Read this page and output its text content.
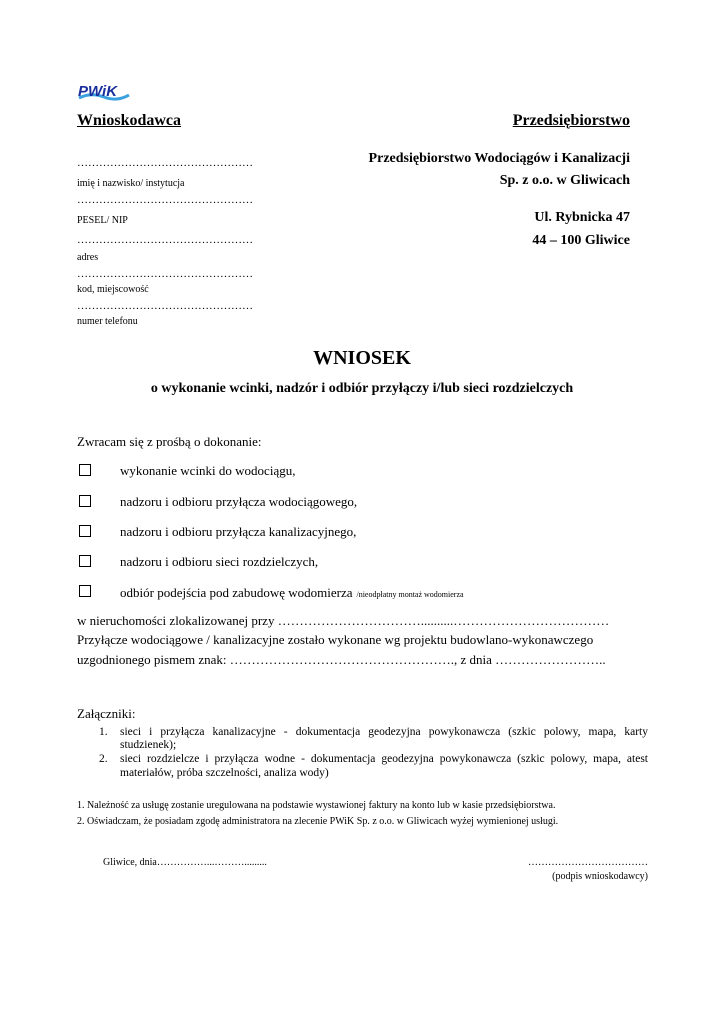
PWiK
Wnioskodawca	Przedsiębiorstwo
…………………………………………
imię i nazwisko/ instytucja
…………………………………………
PESEL/ NIP
…………………………………………
adres
…………………………………………
kod, miejscowość
…………………………………………
numer telefonu
Przedsiębiorstwo Wodociągów i Kanalizacji
Sp. z o.o. w Gliwicach
Ul. Rybnicka 47
44 – 100 Gliwice
WNIOSEK
o wykonanie wcinki, nadzór i odbiór przyłączy i/lub sieci rozdzielczych
Zwracam się z prośbą o dokonanie:
wykonanie wcinki do wodociągu,
nadzoru i odbioru przyłącza wodociągowego,
nadzoru i odbioru przyłącza kanalizacyjnego,
nadzoru i odbioru sieci rozdzielczych,
odbiór podejścia pod zabudowę wodomierza /nieodpłatny montaż wodomierza
w nieruchomości zlokalizowanej przy ……………………………..........………………………………
Przyłącze wodociągowe / kanalizacyjne zostało wykonane wg projektu budowlano-wykonawczego
uzgodnionego pismem znak: ……………………………………………., z dnia ……………………..
Załączniki:
1. sieci i przyłącza kanalizacyjne - dokumentacja geodezyjna powykonawcza (szkic polowy, mapa, karty
studzienek);
2. sieci rozdzielcze i przyłącza wodne - dokumentacja geodezyjna powykonawcza (szkic polowy, mapa, atest
materiałów, próba szczelności, analiza wody)
1. Należność za usługę zostanie uregulowana na podstawie wystawionej faktury na konto lub w kasie przedsiębiorstwa.
2. Oświadczam, że posiadam zgodę administratora na zlecenie PWiK Sp. z o.o. w Gliwicach wyżej wymienionej usługi.
Gliwice, dnia……………...……….........	………………………………
(podpis wnioskodawcy)
